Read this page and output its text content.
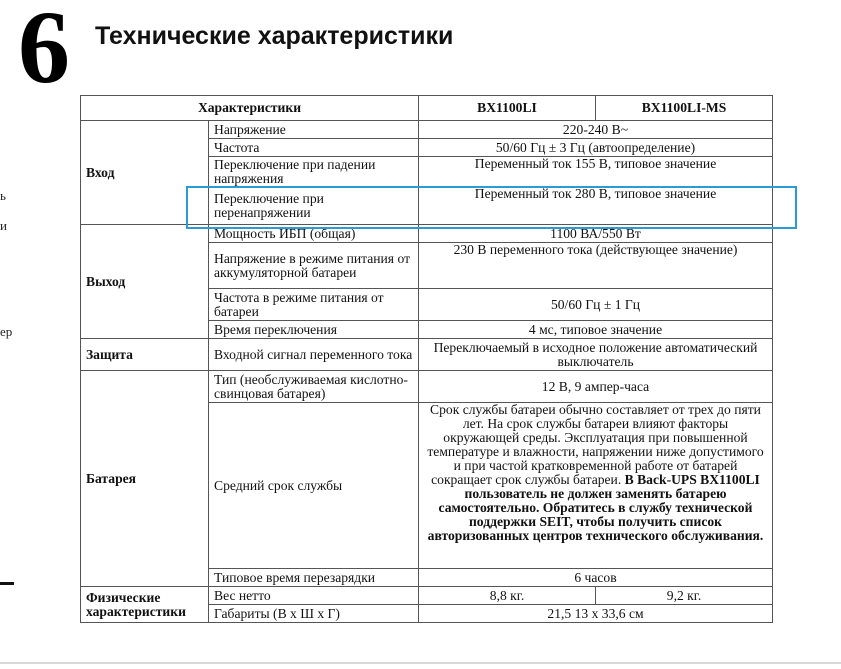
6 Технические характеристики
ь
и
ер
Характеристики		BX1100LI	BX1100LI-MS
Вход	Напряжение	220-240 В~	
	Частота	50/60 Гц ± 3 Гц (автоопределение)	
	Переключение при падении напряжения	Переменный ток 155 В, типовое значение	
	Переключение при перенапряжении	Переменный ток 280 В, типовое значение	
Выход	Мощность ИБП (общая)	1100 ВА/550 Вт	
	Напряжение в режиме питания от аккумуляторной батареи	230 В переменного тока (действующее значение)	
	Частота в режиме питания от батареи	50/60 Гц ± 1 Гц	
	Время переключения	4 мс, типовое значение	
Защита	Входной сигнал переменного тока	Переключаемый в исходное положение автоматический выключатель	
Батарея	Тип (необслуживаемая кислотно-свинцовая батарея)	12 В, 9 ампер-часа	
	Средний срок службы	Срок службы батареи обычно составляет от трех до пяти лет. На срок службы батареи влияют факторы окружающей среды. Эксплуатация при повышенной температуре и влажности, напряжении ниже допустимого и при частой кратковременной работе от батарей сокращает срок службы батареи. В Back-UPS BX1100LI пользователь не должен заменять батарею самостоятельно. Обратитесь в службу технической поддержки SEIT, чтобы получить список авторизованных центров технического обслуживания.	
	Типовое время перезарядки	6 часов	
Физические характеристики	Вес нетто	8,8 кг.	9,2 кг.
	Габариты (В х Ш х Г)	21,5 13 х 33,6 см	
